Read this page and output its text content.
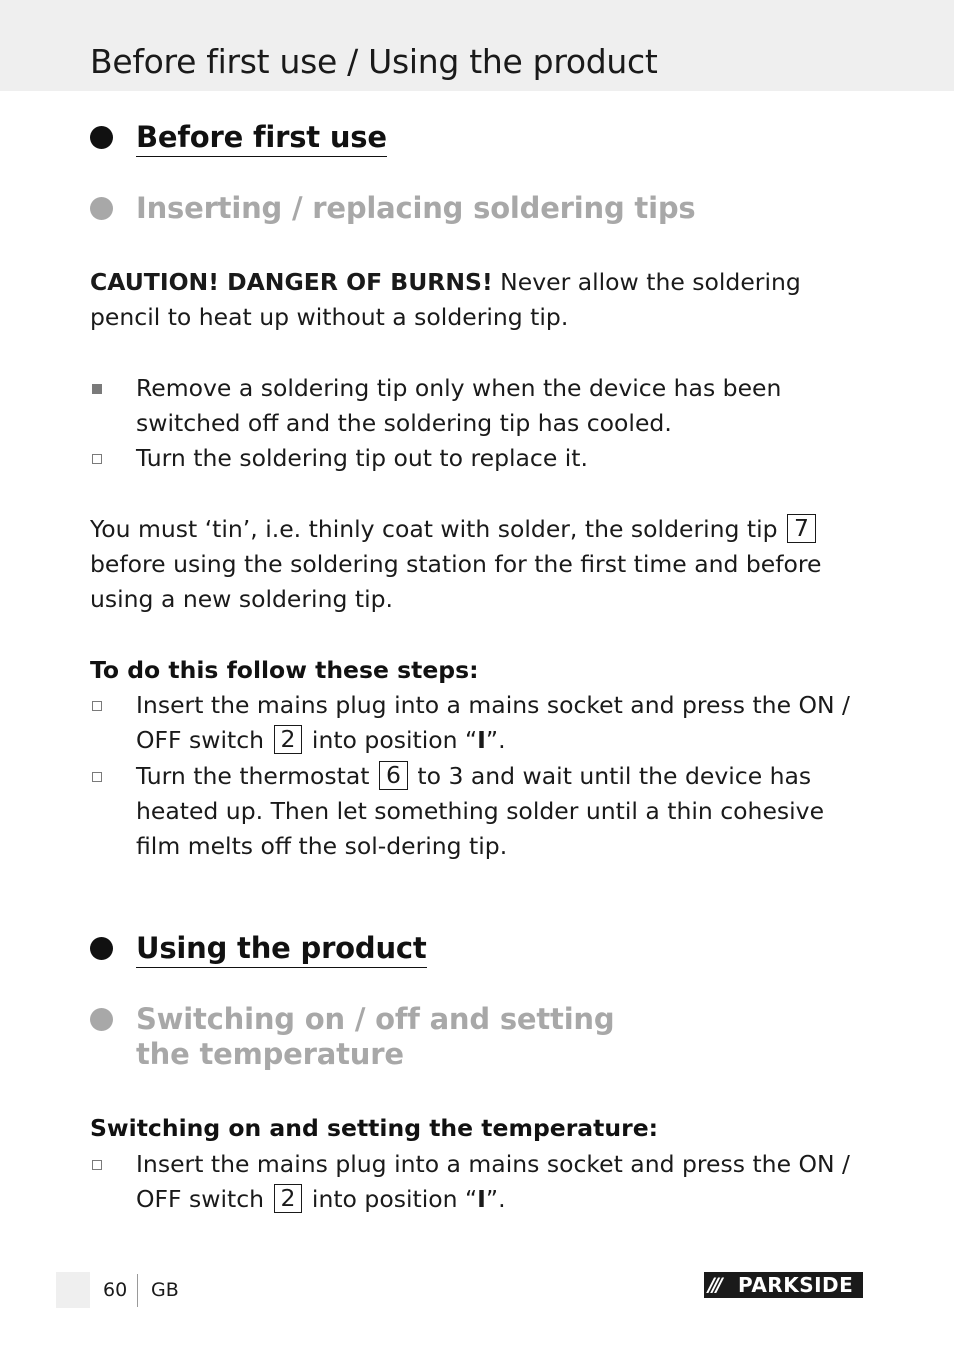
Before first use / Using the product
Before first use
Inserting / replacing soldering tips

CAUTION! DANGER OF BURNS! Never allow the soldering pencil to heat up without a soldering tip.

Remove a soldering tip only when the device has been switched off and the soldering tip has cooled.
Turn the soldering tip out to replace it.

You must ‘tin’, i.e. thinly coat with solder, the soldering tip 7 before using the soldering station for the first time and before using a new soldering tip.

To do this follow these steps:

Insert the mains plug into a mains socket and press the ON / OFF switch 2 into position “I”.
Turn the thermostat 6 to 3 and wait until the device has heated up. Then let something solder until a thin cohesive film melts off the sol-dering tip.
Using the product
Switching on / off and setting
the temperature

Switching on and setting the temperature:

Insert the mains plug into a mains socket and press the ON / OFF switch 2 into position “I”.
60 GB	/// PARKSIDE
